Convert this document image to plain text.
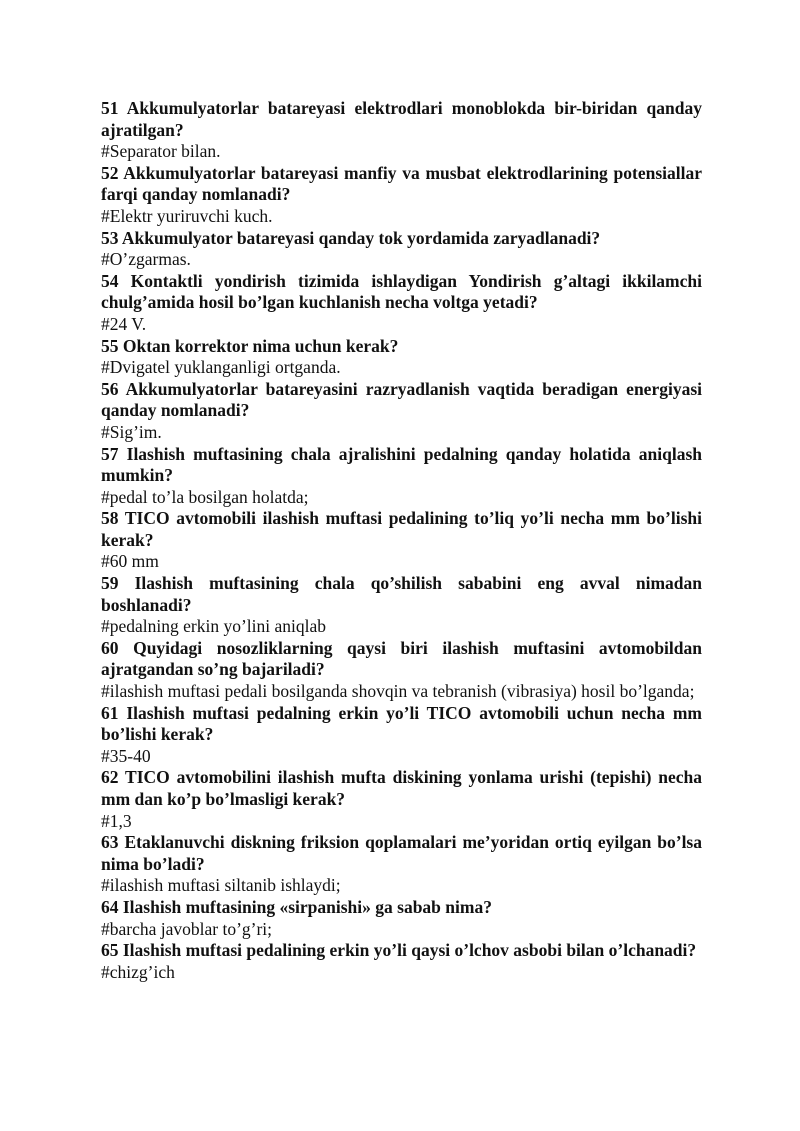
51 Akkumulyatorlar batareyasi elektrodlari monoblokda bir-biridan qanday ajratilgan?
#Separator bilan.
52 Akkumulyatorlar batareyasi manfiy va musbat elektrodlarining potensiallar farqi qanday nomlanadi?
#Elektr yuriruvchi kuch.
53 Akkumulyator batareyasi qanday tok yordamida zaryadlanadi?
#O’zgarmas.
54 Kontaktli yondirish tizimida ishlaydigan Yondirish g’altagi ikkilamchi chulg’amida hosil bo’lgan kuchlanish necha voltga yetadi?
#24 V.
55 Oktan korrektor nima uchun kerak?
#Dvigatel yuklanganligi ortganda.
56 Akkumulyatorlar batareyasini razryadlanish vaqtida beradigan energiyasi qanday nomlanadi?
#Sig’im.
57 Ilashish muftasining chala ajralishini pedalning qanday holatida aniqlash mumkin?
#pedal to’la bosilgan holatda;
58 TICO avtomobili ilashish muftasi pedalining to’liq yo’li necha mm bo’lishi kerak?
#60 mm
59 Ilashish muftasining chala qo’shilish sababini eng avval nimadan boshlanadi?
#pedalning erkin yo’lini aniqlab
60 Quyidagi nosozliklarning qaysi biri ilashish muftasini avtomobildan ajratgandan so’ng bajariladi?
#ilashish muftasi pedali bosilganda shovqin va tebranish (vibrasiya) hosil bo’lganda;
61 Ilashish muftasi pedalning erkin yo’li TICO avtomobili uchun necha mm bo’lishi kerak?
#35-40
62 TICO avtomobilini ilashish mufta diskining yonlama urishi (tepishi) necha mm dan ko’p bo’lmasligi kerak?
#1,3
63 Etaklanuvchi diskning friksion qoplamalari me’yoridan ortiq eyilgan bo’lsa nima bo’ladi?
#ilashish muftasi siltanib ishlaydi;
64 Ilashish muftasining «sirpanishi» ga sabab nima?
#barcha javoblar to’g’ri;
65 Ilashish muftasi pedalining erkin yo’li qaysi o’lchov asbobi bilan o’lchanadi?
#chizg’ich
